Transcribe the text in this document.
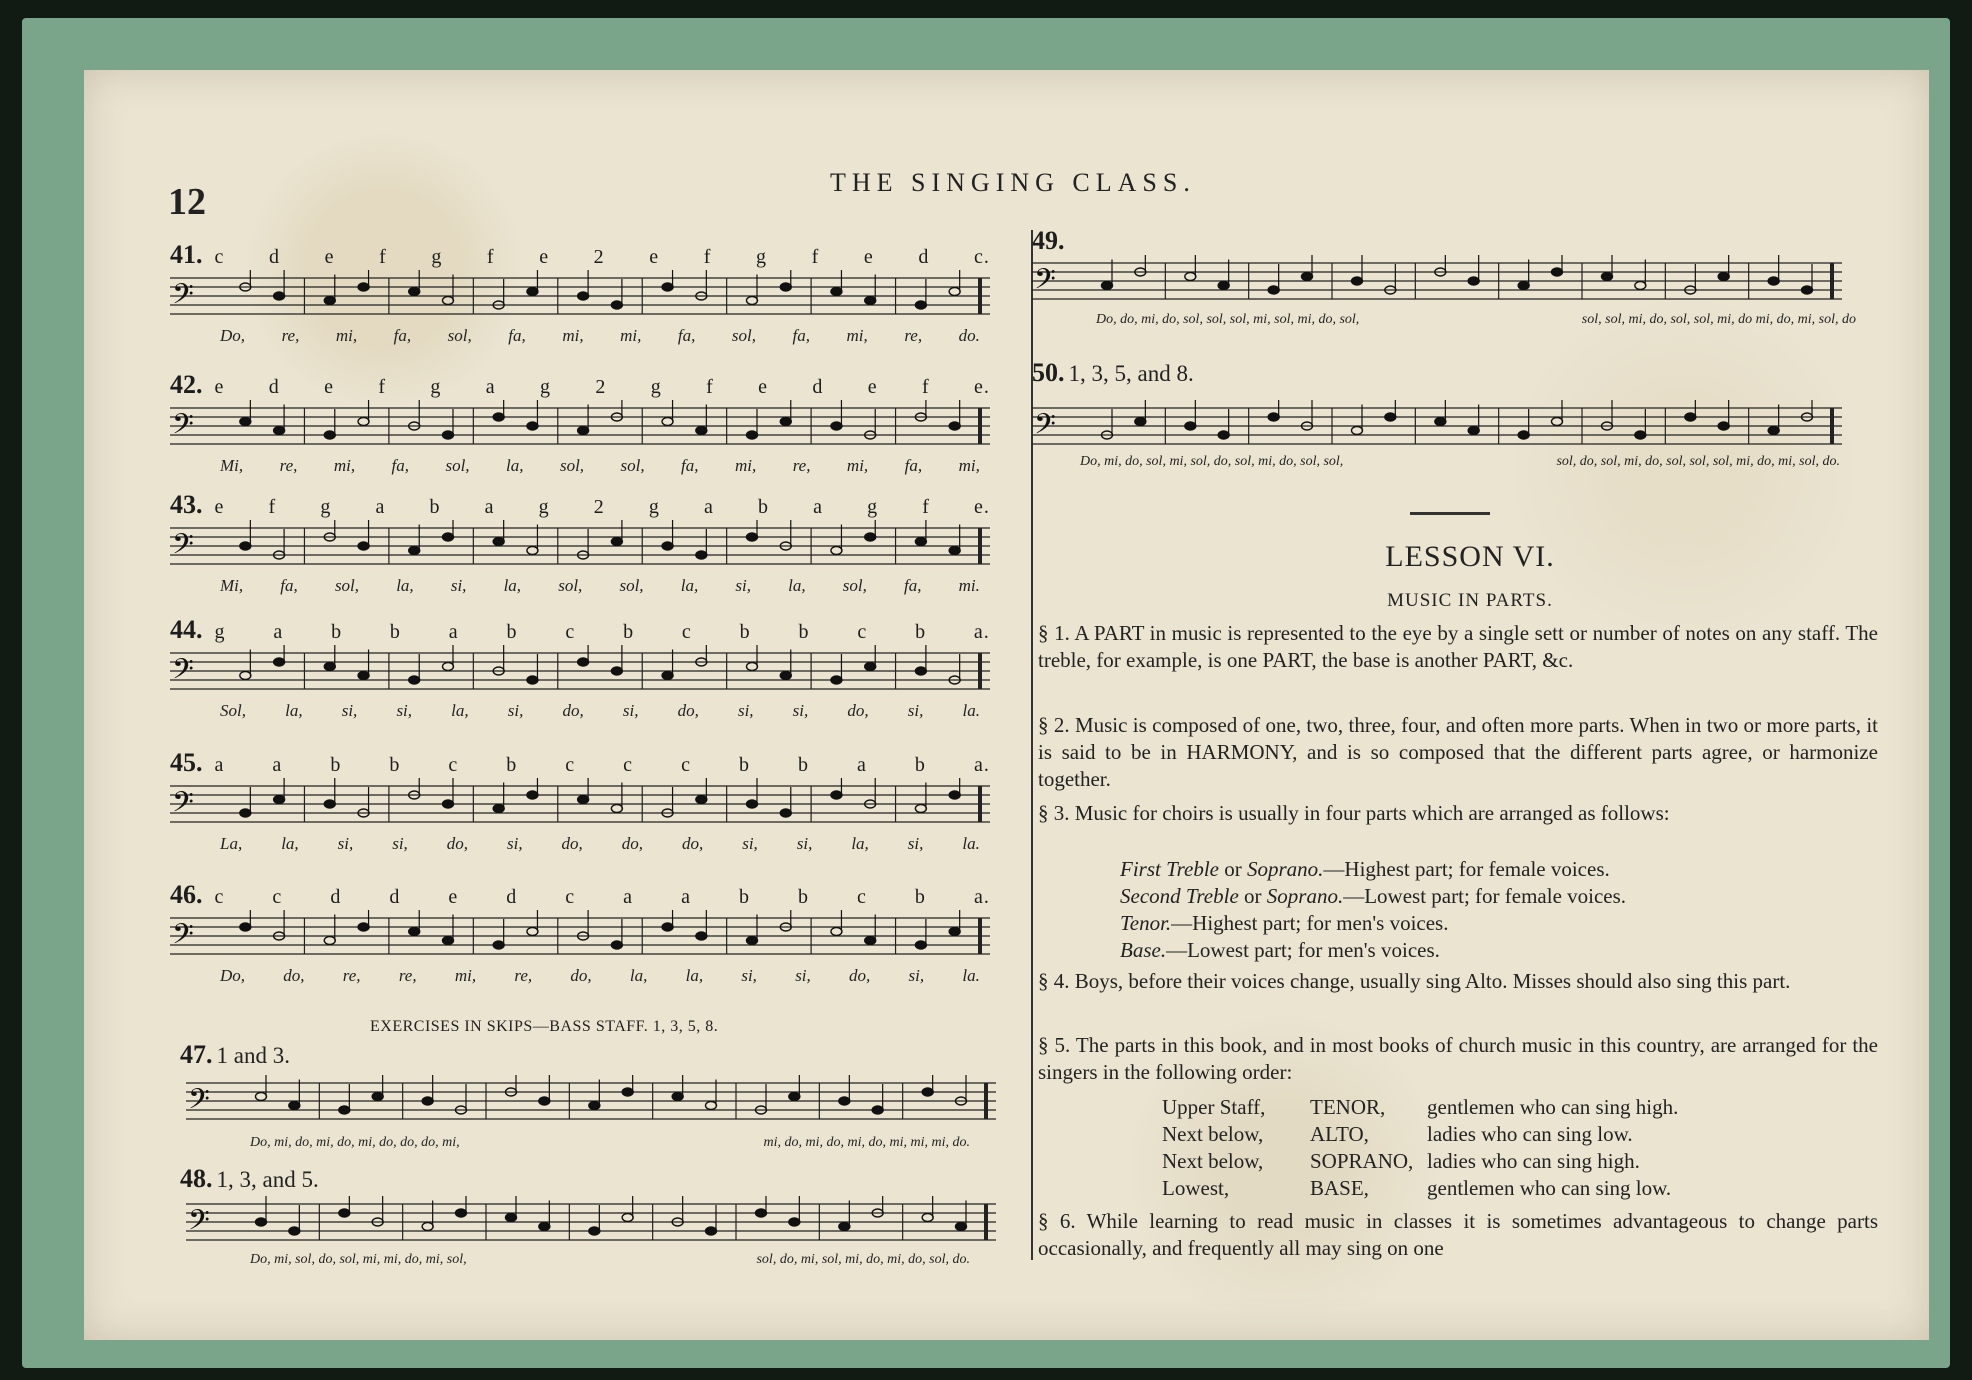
12	THE SINGING CLASS.
41. c d e f g f e 2 e f g f e d c.
𝄢
Do, re, mi, fa, sol, fa, mi, mi, fa, sol, fa, mi, re, do.
42. e d e f g a g 2 g f e d e f e.
𝄢
Mi, re, mi, fa, sol, la, sol, sol, fa, mi, re, mi, fa, mi,
43. e f g a b a g 2 g a b a g f e.
𝄢
Mi, fa, sol, la, si, la, sol, sol, la, si, la, sol, fa, mi.
44. g a b b a b c b c b b c b a.
𝄢
Sol, la, si, si, la, si, do, si, do, si, si, do, si, la.
45. a a b b c b c c c b b a b a.
𝄢
La, la, si, si, do, si, do, do, do, si, si, la, si, la.
46. c c d d e d c a a b b c b a.
𝄢
Do, do, re, re, mi, re, do, la, la, si, si, do, si, la.
EXERCISES IN SKIPS—BASS STAFF. 1, 3, 5, 8.
47. 1 and 3.
𝄢
Do, mi, do, mi, do, mi, do, do, do, mi,	mi, do, mi, do, mi, do, mi, mi, mi, do.
48. 1, 3, and 5.
𝄢
Do, mi, sol, do, sol, mi, mi, do, mi, sol,	sol, do, mi, sol, mi, do, mi, do, sol, do.
49.
𝄢
Do, do, mi, do, sol, sol, sol, mi, sol, mi, do, sol,	sol, sol, mi, do, sol, sol, mi, do mi, do, mi, sol, do
50. 1, 3, 5, and 8.
𝄢
Do, mi, do, sol, mi, sol, do, sol, mi, do, sol, sol,	sol, do, sol, mi, do, sol, sol, sol, mi, do, mi, sol, do.
LESSON VI.
MUSIC IN PARTS.
§ 1. A PART in music is represented to the eye by a single sett or number of notes on any staff. The treble, for example, is one PART, the base is another PART, &c.
§ 2. Music is composed of one, two, three, four, and often more parts. When in two or more parts, it is said to be in HARMONY, and is so composed that the different parts agree, or harmonize together.
§ 3. Music for choirs is usually in four parts which are arranged as follows:
First Treble or Soprano.—Highest part; for female voices.
Second Treble or Soprano.—Lowest part; for female voices.
Tenor.—Highest part; for men's voices.
Base.—Lowest part; for men's voices.
§ 4. Boys, before their voices change, usually sing Alto. Misses should also sing this part.
§ 5. The parts in this book, and in most books of church music in this country, are arranged for the singers in the following order:
Upper Staff,	TENOR,	gentlemen who can sing high.
Next below,	ALTO,	ladies who can sing low.
Next below,	SOPRANO, ladies who can sing high.
Lowest,	BASE,	gentlemen who can sing low.
§ 6. While learning to read music in classes it is sometimes advantageous to change parts occasionally, and frequently all may sing on one
